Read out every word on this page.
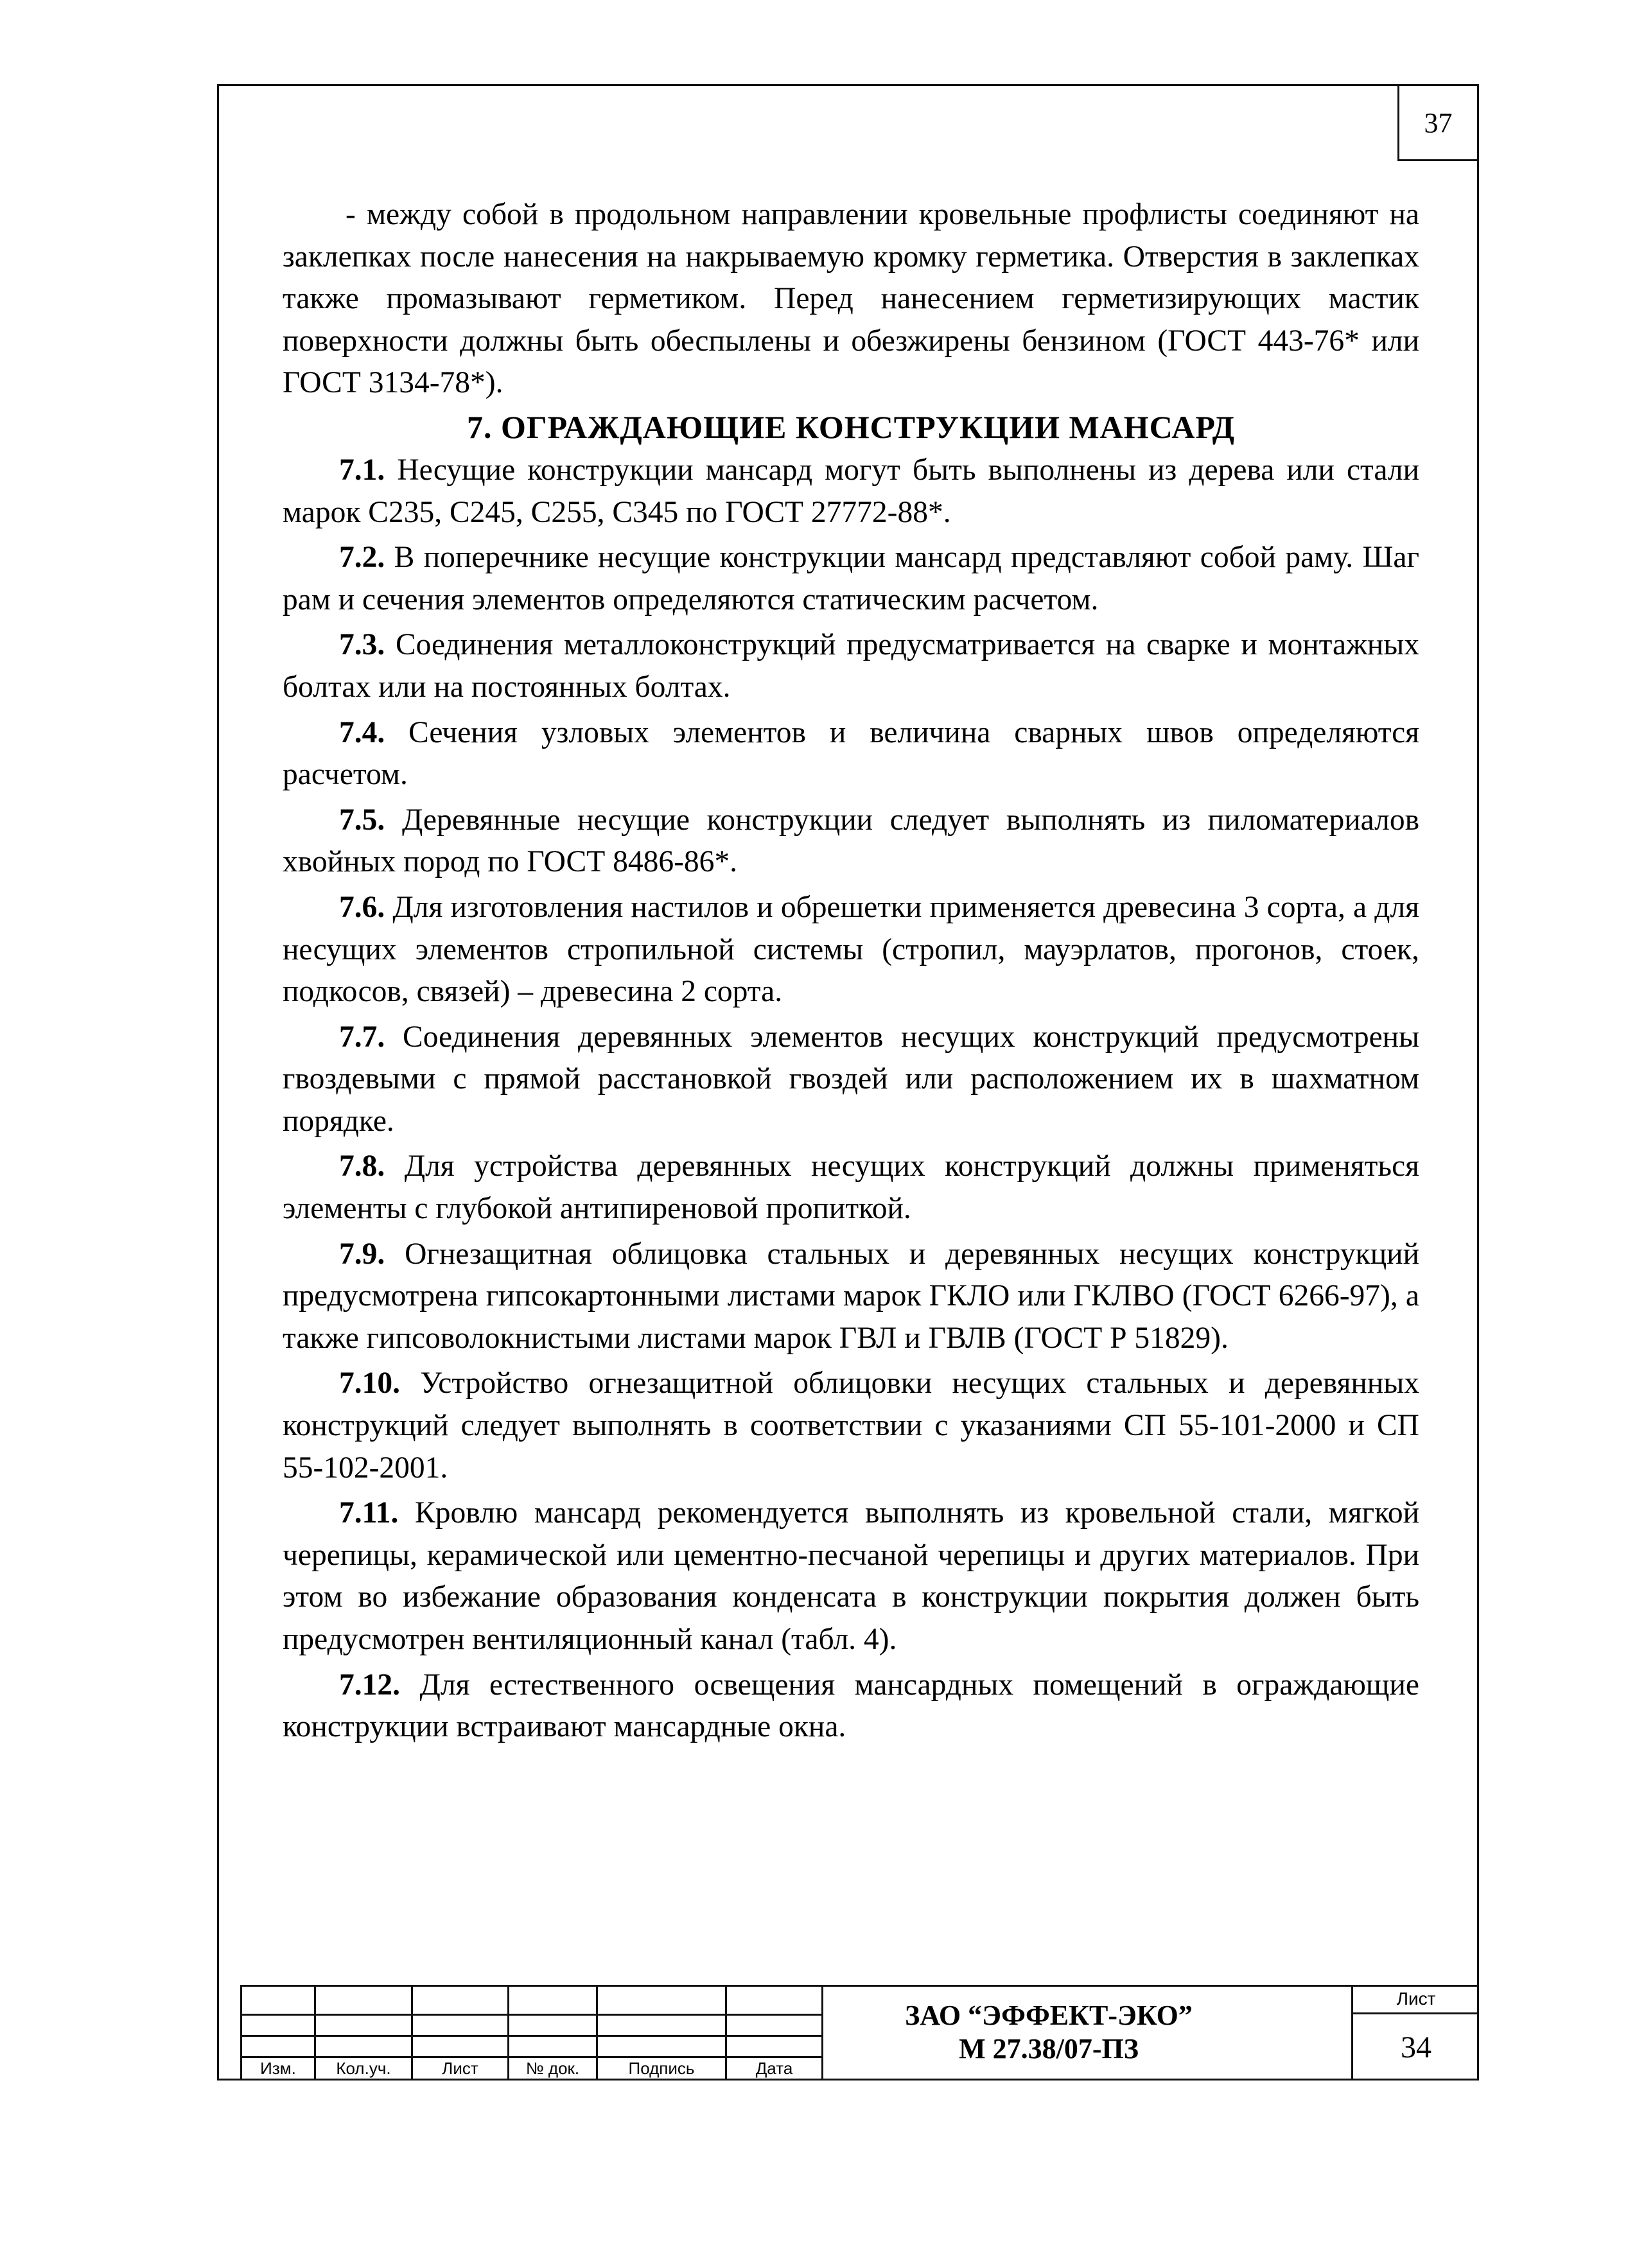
37

- между собой в продольном направлении кровельные профлисты соединяют на заклепках после нанесения на накрываемую кромку герметика. Отверстия в заклепках также промазывают герметиком. Перед нанесением герметизирующих мастик поверхности должны быть обеспылены и обезжирены бензином (ГОСТ 443-76* или ГОСТ 3134-78*).

7. ОГРАЖДАЮЩИЕ КОНСТРУКЦИИ МАНСАРД

7.1. Несущие конструкции мансард могут быть выполнены из дерева или стали марок С235, С245, С255, С345 по ГОСТ 27772-88*.

7.2. В поперечнике несущие конструкции мансард представляют собой раму. Шаг рам и сечения элементов определяются статическим расчетом.

7.3. Соединения металлоконструкций предусматривается на сварке и монтажных болтах или на постоянных болтах.

7.4. Сечения узловых элементов и величина сварных швов определяются расчетом.

7.5. Деревянные несущие конструкции следует выполнять из пиломатериалов хвойных пород по ГОСТ 8486-86*.

7.6. Для изготовления настилов и обрешетки применяется древесина 3 сорта, а для несущих элементов стропильной системы (стропил, мауэрлатов, прогонов, стоек, подкосов, связей) – древесина 2 сорта.

7.7. Соединения деревянных элементов несущих конструкций предусмотрены гвоздевыми с прямой расстановкой гвоздей или расположением их в шахматном порядке.

7.8. Для устройства деревянных несущих конструкций должны применяться элементы с глубокой антипиреновой пропиткой.

7.9. Огнезащитная облицовка стальных и деревянных несущих конструкций предусмотрена гипсокартонными листами марок ГКЛО или ГКЛВО (ГОСТ 6266-97), а также гипсоволокнистыми листами марок ГВЛ и ГВЛВ (ГОСТ Р 51829).

7.10. Устройство огнезащитной облицовки несущих стальных и деревянных конструкций следует выполнять в соответствии с указаниями СП 55-101-2000 и СП 55-102-2001.

7.11. Кровлю мансард рекомендуется выполнять из кровельной стали, мягкой черепицы, керамической или цементно-песчаной черепицы и других материалов. При этом во избежание образования конденсата в конструкции покрытия должен быть предусмотрен вентиляционный канал (табл. 4).

7.12. Для естественного освещения мансардных помещений в ограждающие конструкции встраивают мансардные окна.

Изм.	Кол.уч.	Лист	№ док.	Подпись	Дата
ЗАО “ЭФФЕКТ-ЭКО”
М 27.38/07-ПЗ
Лист
34
